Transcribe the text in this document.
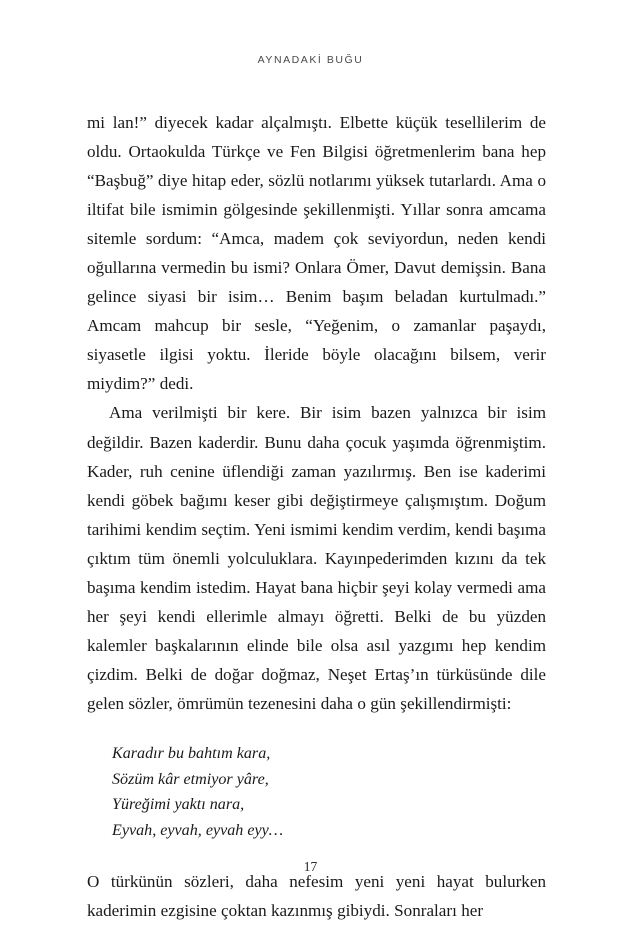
AYNADAKİ BUĞU

mi lan!” diyecek kadar alçalmıştı. Elbette küçük tesellilerim de oldu. Ortaokulda Türkçe ve Fen Bilgisi öğretmenlerim bana hep “Başbuğ” diye hitap eder, sözlü notlarımı yüksek tutarlardı. Ama o iltifat bile ismimin gölgesinde şekillenmişti. Yıllar sonra amcama sitemle sordum: “Amca, madem çok seviyordun, neden kendi oğullarına vermedin bu ismi? Onlara Ömer, Davut demişsin. Bana gelince siyasi bir isim… Benim başım beladan kurtulmadı.” Amcam mahcup bir sesle, “Yeğenim, o zamanlar paşaydı, siyasetle ilgisi yoktu. İleride böyle olacağını bilsem, verir miydim?” dedi.

Ama verilmişti bir kere. Bir isim bazen yalnızca bir isim değildir. Bazen kaderdir. Bunu daha çocuk yaşımda öğrenmiştim. Kader, ruh cenine üflendiği zaman yazılırmış. Ben ise kaderimi kendi göbek bağımı keser gibi değiştirmeye çalışmıştım. Doğum tarihimi kendim seçtim. Yeni ismimi kendim verdim, kendi başıma çıktım tüm önemli yolculuklara. Kayınpederimden kızını da tek başıma kendim istedim. Hayat bana hiçbir şeyi kolay vermedi ama her şeyi kendi ellerimle almayı öğretti. Belki de bu yüzden kalemler başkalarının elinde bile olsa asıl yazgımı hep kendim çizdim. Belki de doğar doğmaz, Neşet Ertaş’ın türküsünde dile gelen sözler, ömrümün tezenesini daha o gün şekillendirmişti:

Karadır bu bahtım kara,
Sözüm kâr etmiyor yâre,
Yüreğimi yaktı nara,
Eyvah, eyvah, eyvah eyy…

O türkünün sözleri, daha nefesim yeni yeni hayat bulurken kaderimin ezgisine çoktan kazınmış gibiydi. Sonraları her

17
